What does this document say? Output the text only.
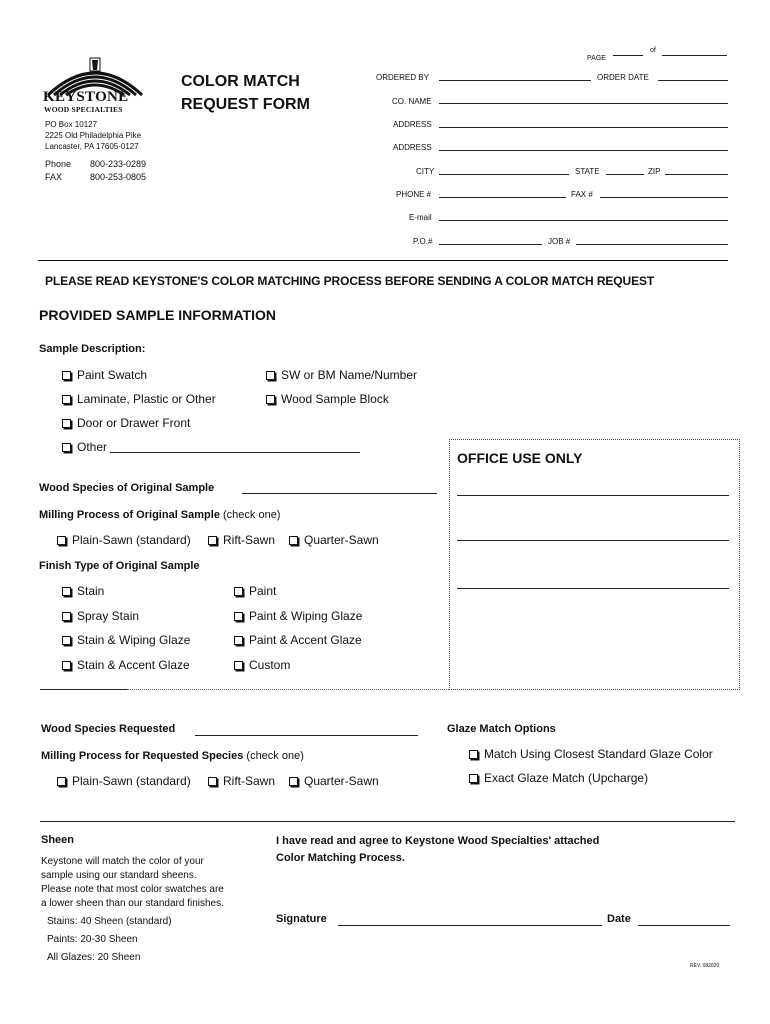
PAGE
of
KEYSTONE
WOOD SPECIALTIES
PO Box 10127
2225 Old Philadelphia Pike
Lancaster, PA 17605-0127
Phone 800-233-0289
FAX	800-253-0805
COLOR MATCH
REQUEST FORM
ORDERED BY	ORDER DATE
CO. NAME
ADDRESS
ADDRESS
CITY	STATE	ZIP
PHONE #	FAX #
E-mail
P.O.#	JOB #
PLEASE READ KEYSTONE'S COLOR MATCHING PROCESS BEFORE SENDING A COLOR MATCH REQUEST
PROVIDED SAMPLE INFORMATION
Sample Description:
Paint Swatch	SW or BM Name/Number
Laminate, Plastic or Other	Wood Sample Block
Door or Drawer Front
Other
OFFICE USE ONLY
Wood Species of Original Sample
Milling Process of Original Sample (check one)
Plain-Sawn (standard)	Rift-Sawn	Quarter-Sawn
Finish Type of Original Sample
Stain	Paint
Spray Stain	Paint & Wiping Glaze
Stain & Wiping Glaze	Paint & Accent Glaze
Stain & Accent Glaze	Custom
Wood Species Requested
Milling Process for Requested Species (check one)
Plain-Sawn (standard)	Rift-Sawn	Quarter-Sawn
Glaze Match Options
Match Using Closest Standard Glaze Color
Exact Glaze Match (Upcharge)
Sheen
Keystone will match the color of your
sample using our standard sheens.
Please note that most color swatches are
a lower sheen than our standard finishes.
Stains: 40 Sheen (standard)
Paints: 20-30 Sheen
All Glazes: 20 Sheen
I have read and agree to Keystone Wood Specialties' attached
Color Matching Process.
Signature	Date
REV. 082820
